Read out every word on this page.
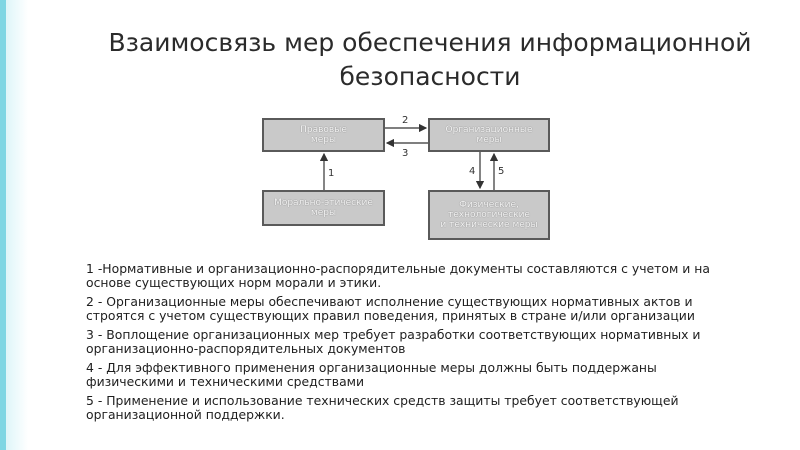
Взаимосвязь мер обеспечения информационной безопасности
2
3
1	4 5
Правовые
меры
Организационные
меры
Морально-этические
меры
Физические,
технологические
и технические меры

1 -Нормативные и организационно-распорядительные документы составляются с учетом и на основе существующих норм морали и этики.

2 - Организационные меры обеспечивают исполнение существующих нормативных актов и строятся с учетом существующих правил поведения, принятых в стране и/или организации

3 - Воплощение организационных мер требует разработки соответствующих нормативных и организационно-распорядительных документов

4 - Для эффективного применения организационные меры должны быть поддержаны физическими и техническими средствами

5 - Применение и использование технических средств защиты требует соответствующей организационной поддержки.
